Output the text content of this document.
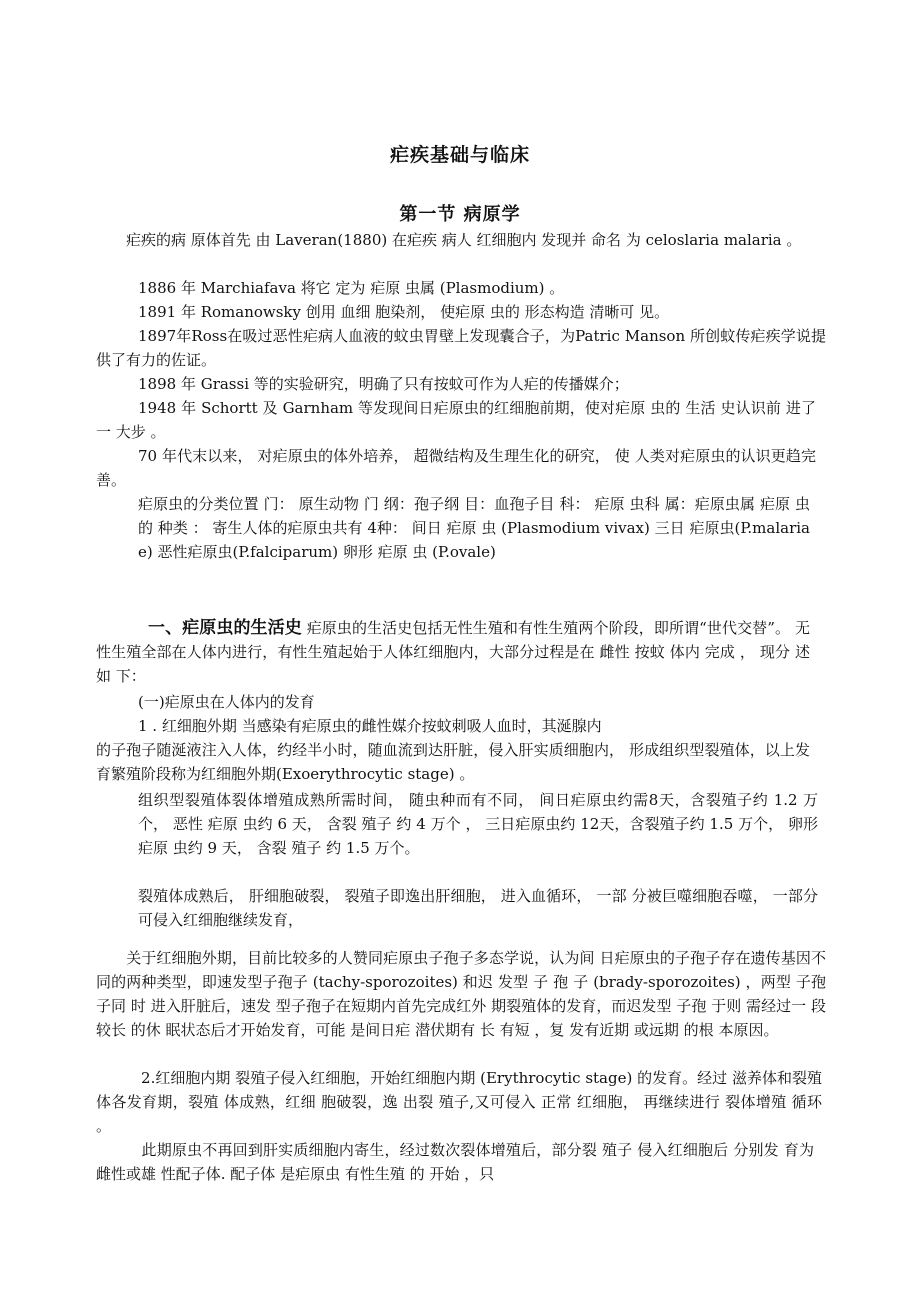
疟疾基础与临床
第一节 病原学

　　疟疾的病 原体首先 由 Laveran(1880) 在疟疾 病人 红细胞内 发现并 命名 为 celoslaria malaria 。

1886 年 Marchiafava 将它 定为 疟原 虫属 (Plasmodium) 。

1891 年 Romanowsky 创用 血细 胞染剂， 使疟原 虫的 形态构造 清晰可 见。

1897年Ross在吸过恶性疟病人血液的蚊虫胃壁上发现囊合子，为Patric Manson 所创蚊传疟疾学说提供了有力的佐证。

1898 年 Grassi 等的实验研究，明确了只有按蚊可作为人疟的传播媒介；

1948 年 Schortt 及 Garnham 等发现间日疟原虫的红细胞前期，使对疟原 虫的 生活 史认识前 进了一 大步 。

70 年代末以来， 对疟原虫的体外培养， 超微结构及生理生化的研究， 使 人类对疟原虫的认识更趋完善。

疟原虫的分类位置 门： 原生动物 门 纲：孢子纲 目：血孢子目 科： 疟原 虫科 属：疟原虫属 疟原 虫的 种类 ： 寄生人体的疟原虫共有 4种： 间日 疟原 虫 (Plasmodium vivax) 三日 疟原虫(P.malariae) 恶性疟原虫(P.falciparum) 卵形 疟原 虫 (P.ovale)

一、疟原虫的生活史 疟原虫的生活史包括无性生殖和有性生殖两个阶段，即所谓“世代交替”。 无性生殖全部在人体内进行，有性生殖起始于人体红细胞内，大部分过程是在 雌性 按蚊 体内 完成 ， 现分 述如 下：

(一)疟原虫在人体内的发育

1 . 红细胞外期 当感染有疟原虫的雌性媒介按蚊刺吸人血时，其涎腺内

的子孢子随涎液注入人体，约经半小时，随血流到达肝脏，侵入肝实质细胞内， 形成组织型裂殖体，以上发育繁殖阶段称为红细胞外期(Exoerythrocytic stage) 。

组织型裂殖体裂体增殖成熟所需时间， 随虫种而有不同， 间日疟原虫约需8天，含裂殖子约 1.2 万个， 恶性 疟原 虫约 6 天， 含裂 殖子 约 4 万个 ， 三日疟原虫约 12天，含裂殖子约 1.5 万个， 卵形 疟原 虫约 9 天， 含裂 殖子 约 1.5 万个。

裂殖体成熟后， 肝细胞破裂， 裂殖子即逸出肝细胞， 进入血循环， 一部 分被巨噬细胞吞噬， 一部分可侵入红细胞继续发育，

　　关于红细胞外期，目前比较多的人赞同疟原虫子孢子多态学说，认为间 日疟原虫的子孢子存在遗传基因不同的两种类型，即速发型子孢子 (tachy-sporozoites) 和迟 发型 子 孢 子 (brady-sporozoites) ，两型 子孢 子同 时 进入肝脏后，速发 型子孢子在短期内首先完成红外 期裂殖体的发育，而迟发型 子孢 于则 需经过一 段较长 的休 眠状态后才开始发育，可能 是间日疟 潜伏期有 长 有短 ，复 发有近期 或远期 的根 本原因。

　　　2.红细胞内期 裂殖子侵入红细胞，开始红细胞内期 (Erythrocytic stage) 的发育。经过 滋养体和裂殖体各发育期，裂殖 体成熟，红细 胞破裂，逸 出裂 殖子,又可侵入 正常 红细胞， 再继续进行 裂体增殖 循环 。

　　　此期原虫不再回到肝实质细胞内寄生，经过数次裂体增殖后，部分裂 殖子 侵入红细胞后 分别发 育为 雌性或雄 性配子体. 配子体 是疟原虫 有性生殖 的 开始 ，只
